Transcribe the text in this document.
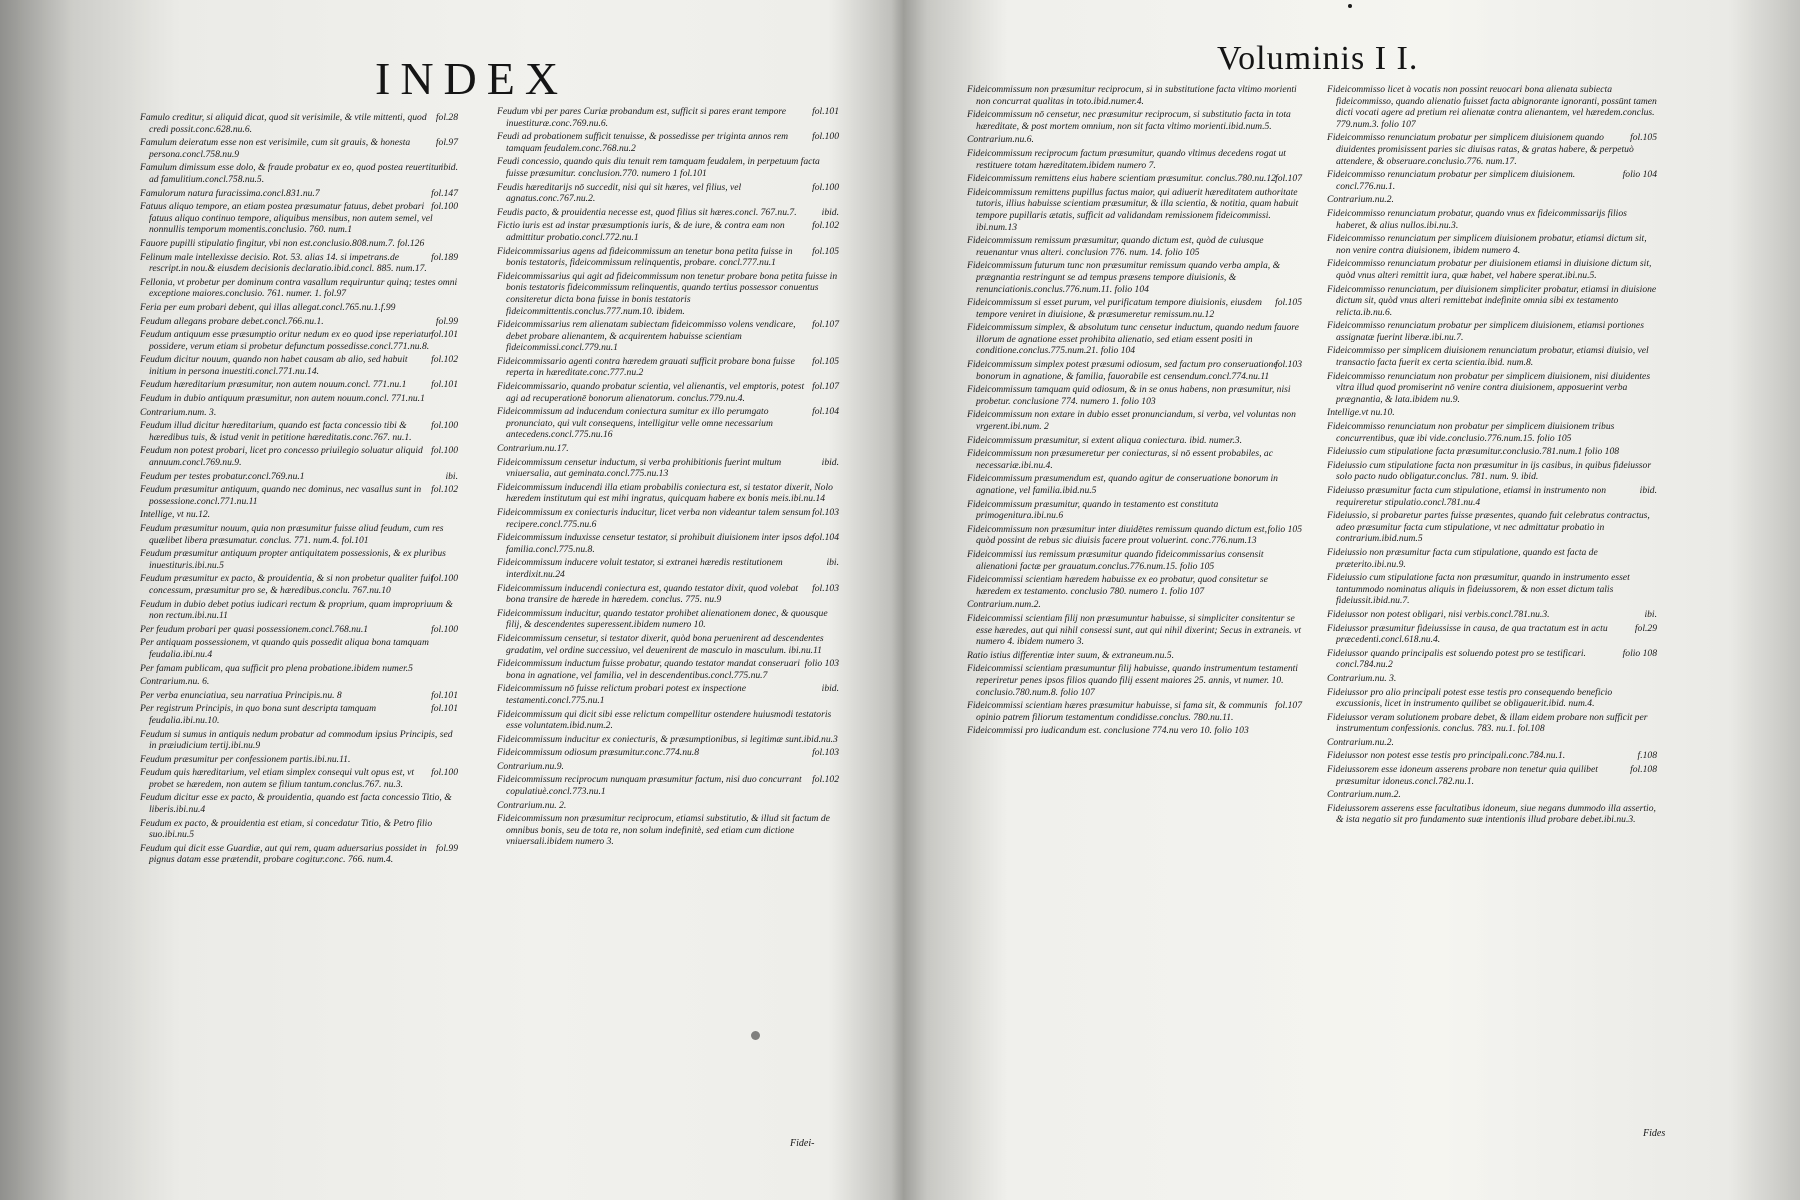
INDEX
fol.28
Famulo creditur, si aliquid dicat, quod sit verisimile, & vtile mittenti, quod credi possit.conc.628.nu.6.
fol.97
Famulum deieratum esse non est verisimile, cum sit grauis, & honesta persona.concl.758.nu.9
ibid.
Famulum dimissum esse dolo, & fraude probatur ex eo, quod postea reuertitur ad famulitium.concl.758.nu.5.
fol.147
Famulorum natura furacissima.concl.831.nu.7
fol.100
Fatuus aliquo tempore, an etiam postea præsumatur fatuus, debet probari fatuus aliquo continuo tempore, aliquibus mensibus, non autem semel, vel nonnullis temporum momentis.conclusio. 760. num.1
Fauore pupilli stipulatio fingitur, vbi non est.conclusio.808.num.7. fol.126
fol.189
Felinum male intellexisse decisio. Rot. 53. alias 14. si impetrans.de rescript.in nou.& eiusdem decisionis declaratio.ibid.concl. 885. num.17.
Fellonia, vt probetur per dominum contra vasallum requiruntur quinq; testes omni exceptione maiores.conclusio. 761. numer. 1. fol.97
Feria per eum probari debent, qui illas allegat.concl.765.nu.1.f.99
fol.99
Feudum allegans probare debet.concl.766.nu.1.
fol.101
Feudum antiquum esse præsumptio oritur nedum ex eo quod ipse reperiatur possidere, verum etiam si probetur defunctum possedisse.concl.771.nu.8.
fol.102
Feudum dicitur nouum, quando non habet causam ab alio, sed habuit initium in persona inuestiti.concl.771.nu.14.
fol.101
Feudum hæreditarium præsumitur, non autem nouum.concl. 771.nu.1
Feudum in dubio antiquum præsumitur, non autem nouum.concl. 771.nu.1
Contrarium.num. 3.
fol.100
Feudum illud dicitur hæreditarium, quando est facta concessio tibi & hæredibus tuis, & istud venit in petitione hæreditatis.conc.767. nu.1.
fol.100
Feudum non potest probari, licet pro concesso priuilegio soluatur aliquid annuum.concl.769.nu.9.
ibi.
Feudum per testes probatur.concl.769.nu.1
fol.102
Feudum præsumitur antiquum, quando nec dominus, nec vasallus sunt in possessione.concl.771.nu.11
Intellige, vt nu.12.
Feudum præsumitur nouum, quia non præsumitur fuisse aliud feudum, cum res quælibet libera præsumatur. conclus. 771. num.4. fol.101
Feudum præsumitur antiquum propter antiquitatem possessionis, & ex pluribus inuestituris.ibi.nu.5
fol.100
Feudum præsumitur ex pacto, & prouidentia, & si non probetur qualiter fuit concessum, præsumitur pro se, & hæredibus.conclu. 767.nu.10
Feudum in dubio debet potius iudicari rectum & proprium, quam impropriuum & non rectum.ibi.nu.11
fol.100
Per feudum probari per quasi possessionem.concl.768.nu.1
Per antiquam possessionem, vt quando quis possedit aliqua bona tamquam feudalia.ibi.nu.4
Per famam publicam, qua sufficit pro plena probatione.ibidem numer.5
Contrarium.nu. 6.
fol.101
Per verba enunciatiua, seu narratiua Principis.nu. 8
fol.101
Per registrum Principis, in quo bona sunt descripta tamquam feudalia.ibi.nu.10.
Feudum si sumus in antiquis nedum probatur ad commodum ipsius Principis, sed in præiudicium tertij.ibi.nu.9
Feudum præsumitur per confessionem partis.ibi.nu.11.
fol.100
Feudum quis hæreditarium, vel etiam simplex consequi vult opus est, vt probet se hæredem, non autem se filium tantum.conclus.767. nu.3.
Feudum dicitur esse ex pacto, & prouidentia, quando est facta concessio Titio, & liberis.ibi.nu.4
Feudum ex pacto, & prouidentia est etiam, si concedatur Titio, & Petro filio suo.ibi.nu.5
fol.99
Feudum qui dicit esse Guardiæ, aut qui rem, quam aduersarius possidet in pignus datam esse prætendit, probare cogitur.conc. 766. num.4.
fol.101
Feudum vbi per pares Curiæ probandum est, sufficit si pares erant tempore inuestituræ.conc.769.nu.6.
fol.100
Feudi ad probationem sufficit tenuisse, & possedisse per triginta annos rem tamquam feudalem.conc.768.nu.2
Feudi concessio, quando quis diu tenuit rem tamquam feudalem, in perpetuum facta fuisse præsumitur. conclusion.770. numero 1 fol.101
fol.100
Feudis hæreditarijs nō succedit, nisi qui sit hæres, vel filius, vel agnatus.conc.767.nu.2.
ibid.
Feudis pacto, & prouidentia necesse est, quod filius sit hæres.concl. 767.nu.7.
fol.102
Fictio iuris est ad instar præsumptionis iuris, & de iure, & contra eam non admittitur probatio.concl.772.nu.1
fol.105
Fideicommissarius agens ad fideicommissum an tenetur bona petita fuisse in bonis testatoris, fideicommissum relinquentis, probare. concl.777.nu.1
Fideicommissarius qui agit ad fideicommissum non tenetur probare bona petita fuisse in bonis testatoris fideicommissum relinquentis, quando tertius possessor conuentus consiteretur dicta bona fuisse in bonis testatoris fideicommittentis.conclus.777.num.10. ibidem.
fol.107
Fideicommissarius rem alienatam subiectam fideicommisso volens vendicare, debet probare alienantem, & acquirentem habuisse scientiam fideicommissi.concl.779.nu.1
fol.105
Fideicommissario agenti contra hæredem grauati sufficit probare bona fuisse reperta in hæreditate.conc.777.nu.2
fol.107
Fideicommissario, quando probatur scientia, vel alienantis, vel emptoris, potest agi ad recuperationē bonorum alienatorum. conclus.779.nu.4.
fol.104
Fideicommissum ad inducendum coniectura sumitur ex illo perumgato pronunciato, qui vult consequens, intelligitur velle omne necessarium antecedens.concl.775.nu.16
Contrarium.nu.17.
ibid.
Fideicommissum censetur inductum, si verba prohibitionis fuerint multum vniuersalia, aut geminata.concl.775.nu.13
Fideicommissum inducendi illa etiam probabilis coniectura est, si testator dixerit, Nolo hæredem institutum qui est mihi ingratus, quicquam habere ex bonis meis.ibi.nu.14
fol.103
Fideicommissum ex coniecturis inducitur, licet verba non videantur talem sensum recipere.concl.775.nu.6
fol.104
Fideicommissum induxisse censetur testator, si prohibuit diuisionem inter ipsos de familia.concl.775.nu.8.
ibi.
Fideicommissum inducere voluit testator, si extranei hæredis restitutionem interdixit.nu.24
fol.103
Fideicommissum inducendi coniectura est, quando testator dixit, quod volebat bona transire de hærede in hæredem. conclus. 775. nu.9
Fideicommissum inducitur, quando testator prohibet alienationem donec, & quousque filij, & descendentes superessent.ibidem numero 10.
Fideicommissum censetur, si testator dixerit, quòd bona peruenirent ad descendentes gradatim, vel ordine successiuo, vel deuenirent de masculo in masculum. ibi.nu.11
folio 103
Fideicommissum inductum fuisse probatur, quando testator mandat conseruari bona in agnatione, vel familia, vel in descendentibus.concl.775.nu.7
ibid.
Fideicommissum nō fuisse relictum probari potest ex inspectione testamenti.concl.775.nu.1
Fideicommissum qui dicit sibi esse relictum compellitur ostendere huiusmodi testatoris esse voluntatem.ibid.num.2.
Fideicommissum inducitur ex coniecturis, & præsumptionibus, si legitimæ sunt.ibid.nu.3
fol.103
Fideicommissum odiosum præsumitur.conc.774.nu.8
Contrarium.nu.9.
fol.102
Fideicommissum reciprocum nunquam præsumitur factum, nisi duo concurrant copulatiuè.concl.773.nu.1
Contrarium.nu. 2.
Fideicommissum non præsumitur reciprocum, etiamsi substitutio, & illud sit factum de omnibus bonis, seu de tota re, non solum indefinitè, sed etiam cum dictione vniuersali.ibidem numero 3.
Fidei-
Voluminis I I.
Fideicommissum non præsumitur reciprocum, si in substitutione facta vltimo morienti non concurrat qualitas in toto.ibid.numer.4.
Fideicommissum nō censetur, nec præsumitur reciprocum, si substitutio facta in tota hæreditate, & post mortem omnium, non sit facta vltimo morienti.ibid.num.5.
Contrarium.nu.6.
Fideicommissum reciprocum factum præsumitur, quando vltimus decedens rogat ut restituere totam hæreditatem.ibidem numero 7.
fol.107
Fideicommissum remittens eius habere scientiam præsumitur. conclus.780.nu.12
Fideicommissum remittens pupillus factus maior, qui adiuerit hæreditatem authoritate tutoris, illius habuisse scientiam præsumitur, & illa scientia, & notitia, quam habuit tempore pupillaris ætatis, sufficit ad validandam remissionem fideicommissi. ibi.num.13
Fideicommissum remissum præsumitur, quando dictum est, quòd de cuiusque reuenantur vnus alteri. conclusion 776. num. 14. folio 105
Fideicommissum futurum tunc non præsumitur remissum quando verba ampla, & prægnantia restringunt se ad tempus præsens tempore diuisionis, & renunciationis.conclus.776.num.11. folio 104
fol.105
Fideicommissum si esset purum, vel purificatum tempore diuisionis, eiusdem tempore veniret in diuisione, & præsumeretur remissum.nu.12
Fideicommissum simplex, & absolutum tunc censetur inductum, quando nedum fauore illorum de agnatione esset prohibita alienatio, sed etiam essent positi in conditione.conclus.775.num.21. folio 104
fol.103
Fideicommissum simplex potest præsumi odiosum, sed factum pro conseruatione bonorum in agnatione, & familia, fauorabile est censendum.concl.774.nu.11
Fideicommissum tamquam quid odiosum, & in se onus habens, non præsumitur, nisi probetur. conclusione 774. numero 1. folio 103
Fideicommissum non extare in dubio esset pronunciandum, si verba, vel voluntas non vrgerent.ibi.num. 2
Fideicommissum præsumitur, si extent aliqua coniectura. ibid. numer.3.
Fideicommissum non præsumeretur per coniecturas, si nō essent probabiles, ac necessariæ.ibi.nu.4.
Fideicommissum præsumendum est, quando agitur de conseruatione bonorum in agnatione, vel familia.ibid.nu.5
Fideicommissum præsumitur, quando in testamento est constituta primogenitura.ibi.nu.6
folio 105
Fideicommissum non præsumitur inter diuidētes remissum quando dictum est, quòd possint de rebus sic diuisis facere prout voluerint. conc.776.num.13
Fideicommissi ius remissum præsumitur quando fideicommissarius consensit alienationi factæ per grauatum.conclus.776.num.15. folio 105
Fideicommissi scientiam hæredem habuisse ex eo probatur, quod consitetur se hæredem ex testamento. conclusio 780. numero 1. folio 107
Contrarium.num.2.
Fideicommissi scientiam filij non præsumuntur habuisse, si simpliciter consitentur se esse hæredes, aut qui nihil consessi sunt, aut qui nihil dixerint; Secus in extraneis. vt numero 4. ibidem numero 3.
Ratio istius differentiæ inter suum, & extraneum.nu.5.
Fideicommissi scientiam præsumuntur filij habuisse, quando instrumentum testamenti reperiretur penes ipsos filios quando filij essent maiores 25. annis, vt numer. 10. conclusio.780.num.8. folio 107
fol.107
Fideicommissi scientiam hæres præsumitur habuisse, si fama sit, & communis opinio patrem filiorum testamentum condidisse.conclus. 780.nu.11.
Fideicommissi pro iudicandum est. conclusione 774.nu vero 10. folio 103
Fideicommisso licet à vocatis non possint reuocari bona alienata subiecta fideicommisso, quando alienatio fuisset facta abignorante ignoranti, possūnt tamen dicti vocati agere ad pretium rei alienatæ contra alienantem, vel hæredem.conclus. 779.num.3. folio 107
fol.105
Fideicommisso renunciatum probatur per simplicem diuisionem quando diuidentes promisissent paries sic diuisas ratas, & gratas habere, & perpetuò attendere, & obseruare.conclusio.776. num.17.
folio 104
Fideicommisso renunciatum probatur per simplicem diuisionem. concl.776.nu.1.
Contrarium.nu.2.
Fideicommisso renunciatum probatur, quando vnus ex fideicommissarijs filios haberet, & alius nullos.ibi.nu.3.
Fideicommisso renunciatum per simplicem diuisionem probatur, etiamsi dictum sit, non venire contra diuisionem, ibidem numero 4.
Fideicommisso renunciatum probatur per diuisionem etiamsi in diuisione dictum sit, quòd vnus alteri remittit iura, quæ habet, vel habere sperat.ibi.nu.5.
Fideicommisso renunciatum, per diuisionem simpliciter probatur, etiamsi in diuisione dictum sit, quòd vnus alteri remittebat indefinite omnia sibi ex testamento relicta.ib.nu.6.
Fideicommisso renunciatum probatur per simplicem diuisionem, etiamsi portiones assignatæ fuerint liberæ.ibi.nu.7.
Fideicommisso per simplicem diuisionem renunciatum probatur, etiamsi diuisio, vel transactio facta fuerit ex certa scientia.ibid. num.8.
Fideicommisso renunciatum non probatur per simplicem diuisionem, nisi diuidentes vltra illud quod promiserint nō venire contra diuisionem, apposuerint verba prægnantia, & lata.ibidem nu.9.
Intellige.vt nu.10.
Fideicommisso renunciatum non probatur per simplicem diuisionem tribus concurrentibus, quæ ibi vide.conclusio.776.num.15. folio 105
Fideiussio cum stipulatione facta præsumitur.conclusio.781.num.1 folio 108
Fideiussio cum stipulatione facta non præsumitur in ijs casibus, in quibus fideiussor solo pacto nudo obligatur.conclus. 781. num. 9. ibid.
ibid.
Fideiusso præsumitur facta cum stipulatione, etiamsi in instrumento non requireretur stipulatio.concl.781.nu.4
Fideiussio, si probaretur partes fuisse præsentes, quando fuit celebratus contractus, adeo præsumitur facta cum stipulatione, vt nec admittatur probatio in contrarium.ibid.num.5
Fideiussio non præsumitur facta cum stipulatione, quando est facta de præterito.ibi.nu.9.
Fideiussio cum stipulatione facta non præsumitur, quando in instrumento esset tantummodo nominatus aliquis in fideiussorem, & non esset dictum talis fideiussit.ibid.nu.7.
ibi.
Fideiussor non potest obligari, nisi verbis.concl.781.nu.3.
fol.29
Fideiussor præsumitur fideiussisse in causa, de qua tractatum est in actu præcedenti.concl.618.nu.4.
folio 108
Fideiussor quando principalis est soluendo potest pro se testificari. concl.784.nu.2
Contrarium.nu. 3.
Fideiussor pro alio principali potest esse testis pro consequendo beneficio excussionis, licet in instrumento quilibet se obligauerit.ibid. num.4.
Fideiussor veram solutionem probare debet, & illam eidem probare non sufficit per instrumentum confessionis. conclus. 783. nu.1. fol.108
Contrarium.nu.2.
f.108
Fideiussor non potest esse testis pro principali.conc.784.nu.1.
fol.108
Fideiussorem esse idoneum asserens probare non tenetur quia quilibet præsumitur idoneus.concl.782.nu.1.
Contrarium.num.2.
Fideiussorem asserens esse facultatibus idoneum, siue negans dummodo illa assertio, & ista negatio sit pro fundamento suæ intentionis illud probare debet.ibi.nu.3.
Fides
